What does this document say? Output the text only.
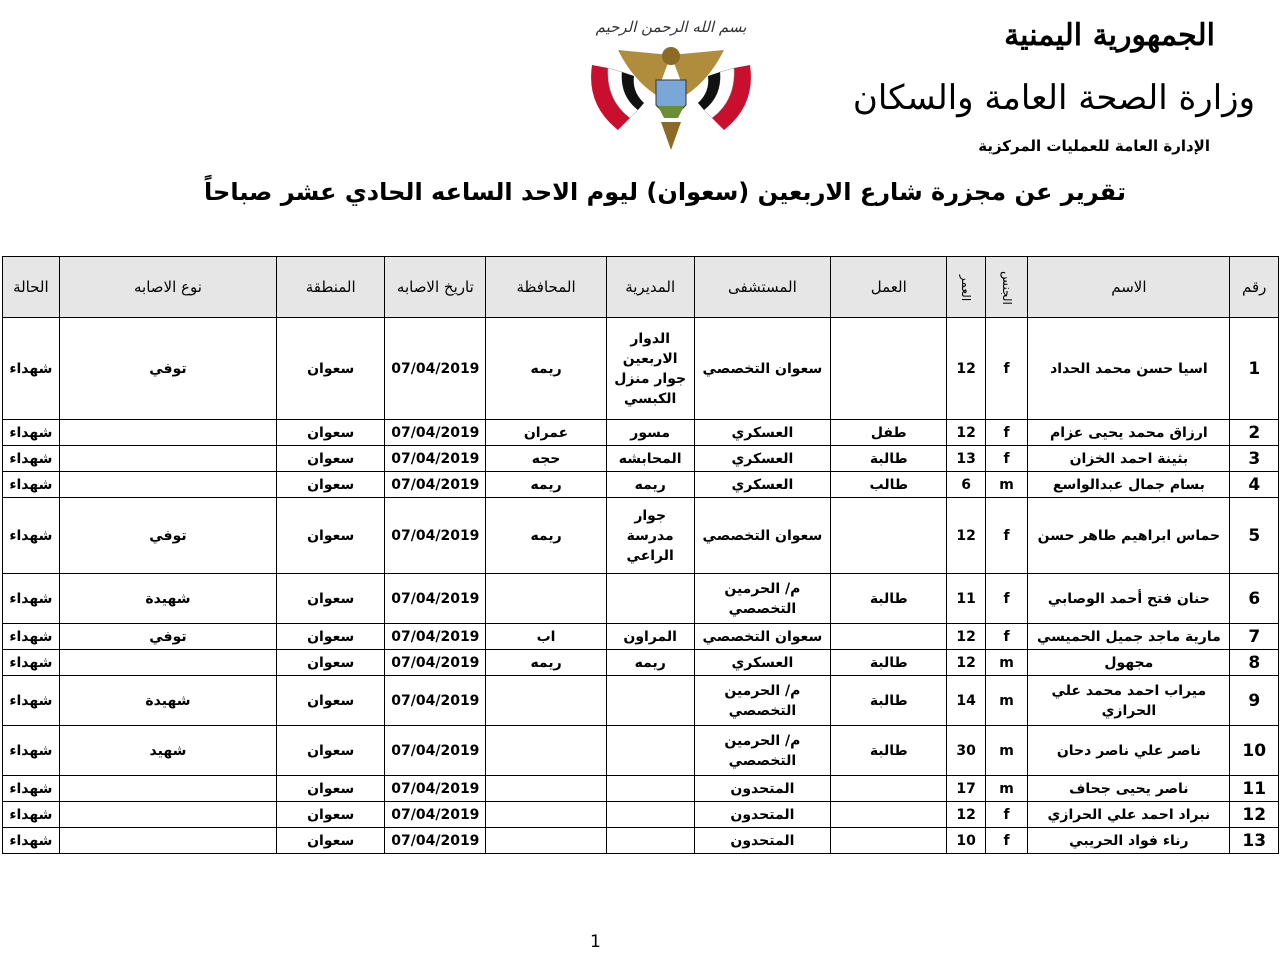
الجمهورية اليمنية
وزارة الصحة العامة والسكان
الإدارة العامة للعمليات المركزية
بسم الله الرحمن الرحيم
تقرير عن مجزرة شارع الاربعين (سعوان) ليوم الاحد الساعه الحادي عشر صباحاً
رقم	الاسم	الجنس	العمر	العمل	المستشفى	المديرية	المحافظة	تاريخ الاصابه	المنطقة	نوع الاصابه	الحالة
1	اسيا حسن محمد الحداد	f	12		سعوان التخصصي	الدوار الاربعين جوار منزل الكبسي	ريمه	07/04/2019	سعوان	توفي	شهداء
2	ارزاق محمد يحيى عزام	f	12	طفل	العسكري	مسور	عمران	07/04/2019	سعوان		شهداء
3	بثينة احمد الخزان	f	13	طالبة	العسكري	المحابشه	حجه	07/04/2019	سعوان		شهداء
4	بسام جمال عبدالواسع	m	6	طالب	العسكري	ريمه	ريمه	07/04/2019	سعوان		شهداء
5	حماس ابراهيم طاهر حسن	f	12		سعوان التخصصي	جوار مدرسة الراعي	ريمه	07/04/2019	سعوان	توفي	شهداء
6	حنان فتح أحمد الوصابي	f	11	طالبة	م/ الحرمين التخصصي			07/04/2019	سعوان	شهيدة	شهداء
7	مارية ماجد جميل الحميسي	f	12		سعوان التخصصي	المراون	اب	07/04/2019	سعوان	توفي	شهداء
8	مجهول	m	12	طالبة	العسكري	ريمه	ريمه	07/04/2019	سعوان		شهداء
9	ميراب احمد محمد علي الحرازي	m	14	طالبة	م/ الحرمين التخصصي			07/04/2019	سعوان	شهيدة	شهداء
10	ناصر علي ناصر دحان	m	30	طالبة	م/ الحرمين التخصصي			07/04/2019	سعوان	شهيد	شهداء
11	ناصر يحيى جحاف	m	17		المتحدون			07/04/2019	سعوان		شهداء
12	نبراد احمد علي الحرازي	f	12		المتحدون			07/04/2019	سعوان		شهداء
13	رناء فواد الحريبي	f	10		المتحدون			07/04/2019	سعوان		شهداء
1
